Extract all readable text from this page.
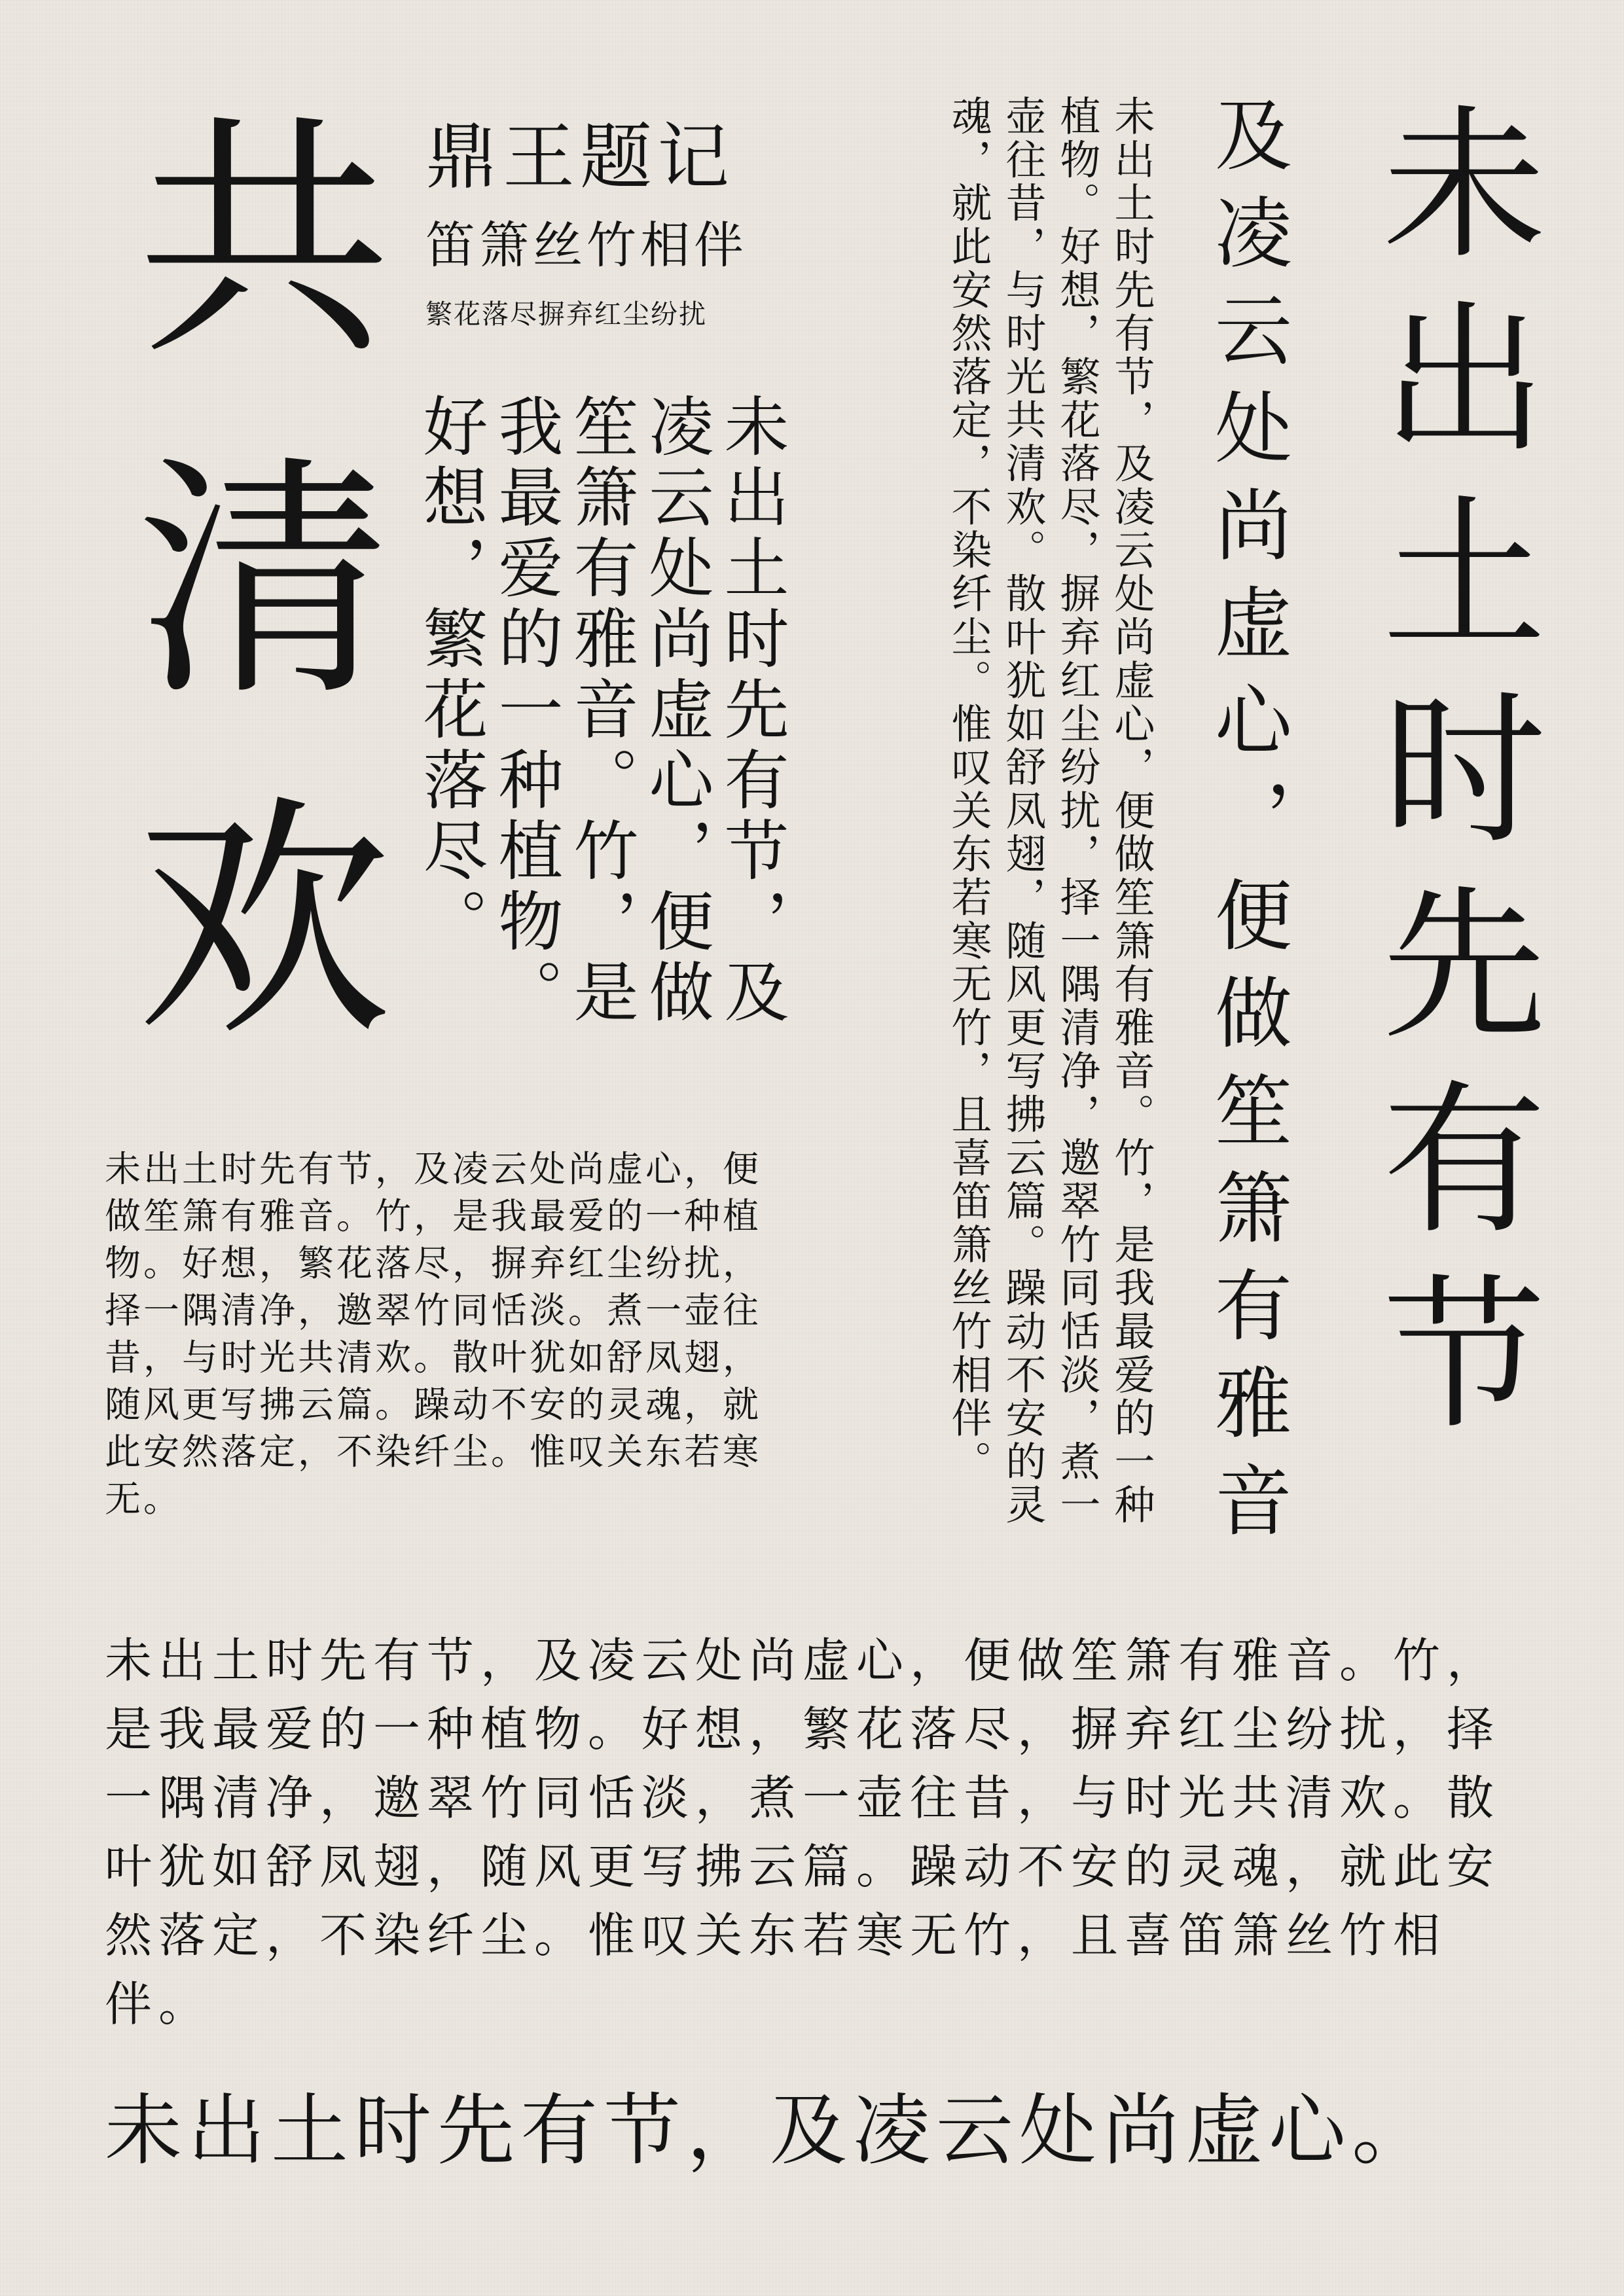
共清欢 鼎王题记
笛箫丝竹相伴
繁花落尽摒弃红尘纷扰
未出土时先有节，及凌云处尚虚心，便做笙箫有雅音。竹，是我最爱的一种植物。好想，繁花落尽。	未出土时先有节，及凌云处尚虚心，便做笙箫有雅音。竹，是我最爱的一种植物。好想，繁花落尽，摒弃红尘纷扰，择一隅清净，邀翠竹同恬淡，煮一壶往昔，与时光共清欢。散叶犹如舒凤翅，随风更写拂云篇。躁动不安的灵魂，就此安然落定，不染纤尘。惟叹关东若寒无竹，且喜笛箫丝竹相伴。	及凌云处尚虚心，便做笙箫有雅音 未出土时先有节
未出土时先有节，及凌云处尚虚心，便做笙箫有雅音。竹，是我最爱的一种植物。好想，繁花落尽，摒弃红尘纷扰，择一隅清净，邀翠竹同恬淡。煮一壶往昔，与时光共清欢。散叶犹如舒凤翅，随风更写拂云篇。躁动不安的灵魂，就此安然落定，不染纤尘。惟叹关东若寒无。
未出土时先有节，及凌云处尚虚心，便做笙箫有雅音。竹，是我最爱的一种植物。好想，繁花落尽，摒弃红尘纷扰，择一隅清净，邀翠竹同恬淡，煮一壶往昔，与时光共清欢。散叶犹如舒凤翅，随风更写拂云篇。躁动不安的灵魂，就此安然落定，不染纤尘。惟叹关东若寒无竹，且喜笛箫丝竹相伴。
未出土时先有节，及凌云处尚虚心。
